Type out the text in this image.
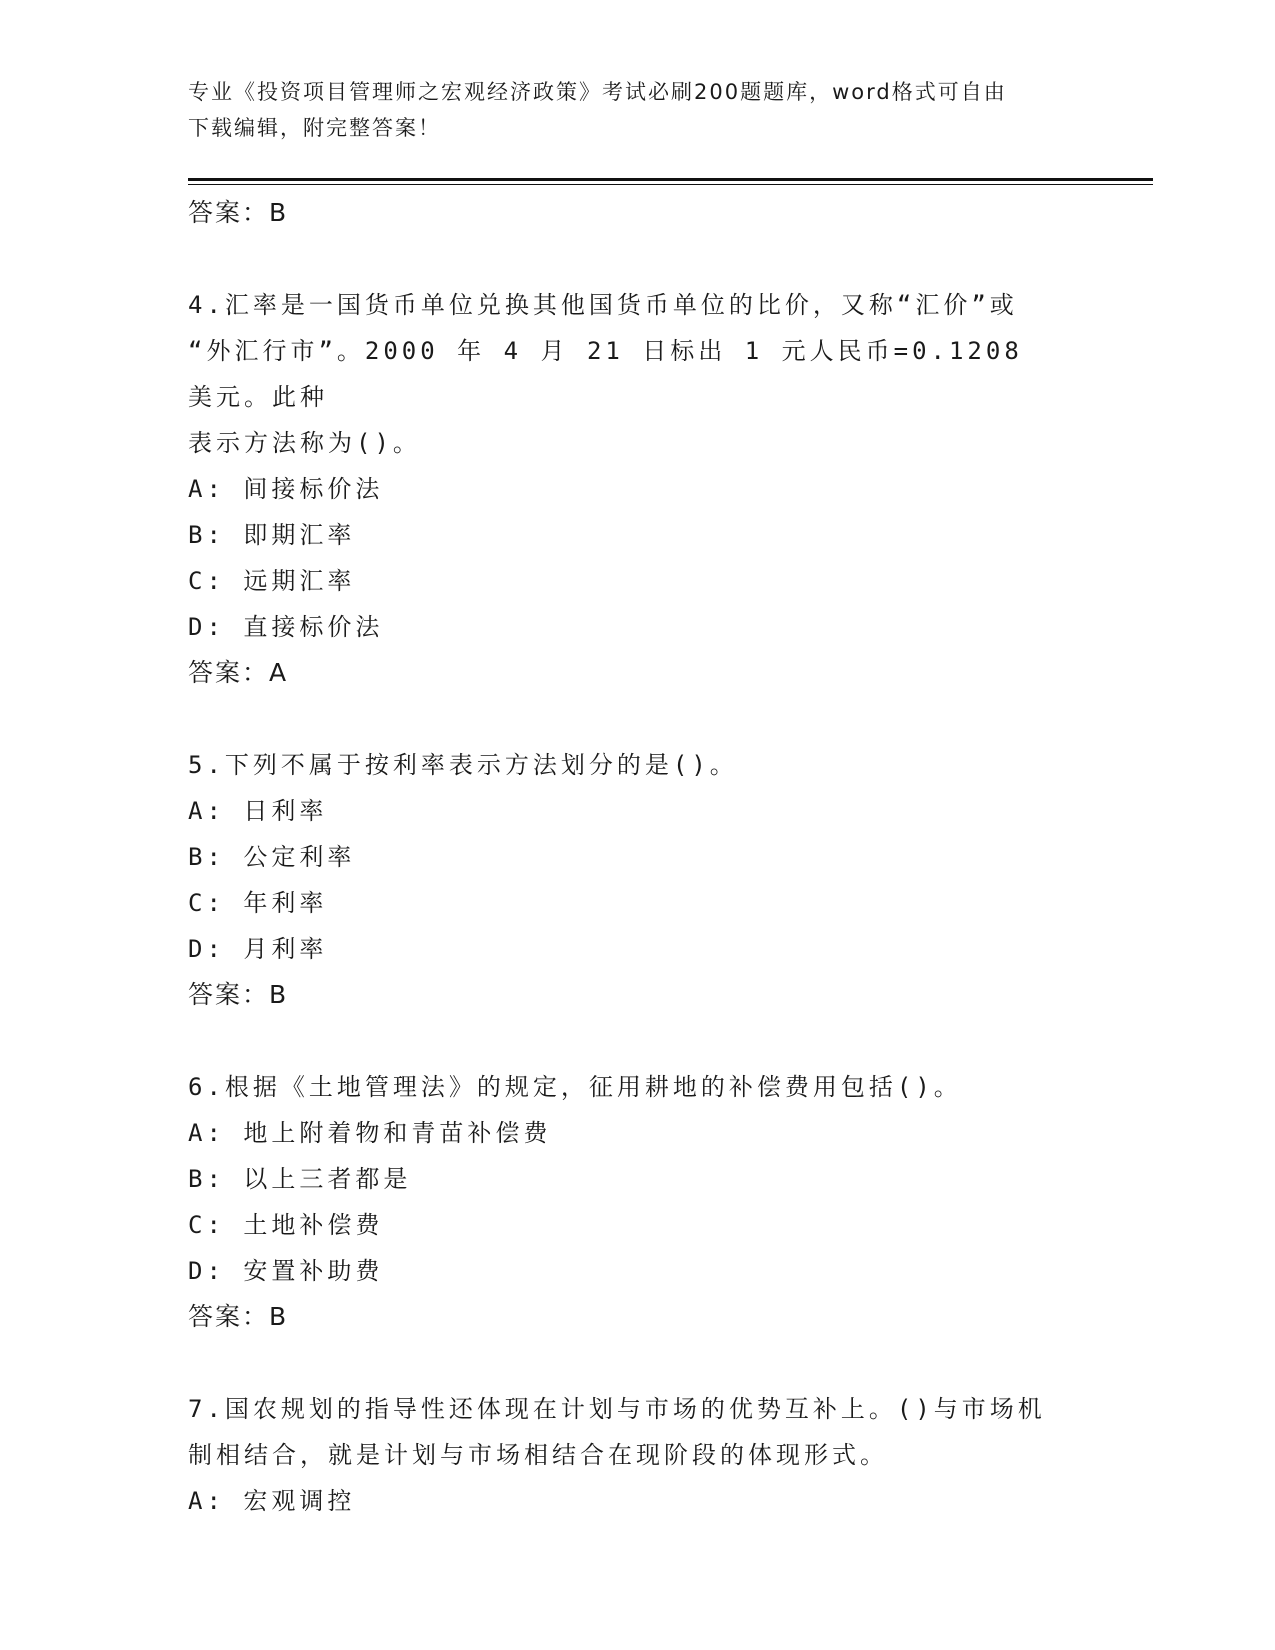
专业《投资项目管理师之宏观经济政策》考试必刷200题题库，word格式可自由
下载编辑，附完整答案！
答案：B
4.汇率是一国货币单位兑换其他国货币单位的比价，又称“汇价”或
“外汇行市”。2000 年 4 月 21 日标出 1 元人民币=0.1208 美元。此种
表示方法称为()。
A: 间接标价法
B: 即期汇率
C: 远期汇率
D: 直接标价法
答案：A
5.下列不属于按利率表示方法划分的是()。
A: 日利率
B: 公定利率
C: 年利率
D: 月利率
答案：B
6.根据《土地管理法》的规定，征用耕地的补偿费用包括()。
A: 地上附着物和青苗补偿费
B: 以上三者都是
C: 土地补偿费
D: 安置补助费
答案：B
7.国农规划的指导性还体现在计划与市场的优势互补上。()与市场机
制相结合，就是计划与市场相结合在现阶段的体现形式。
A: 宏观调控
